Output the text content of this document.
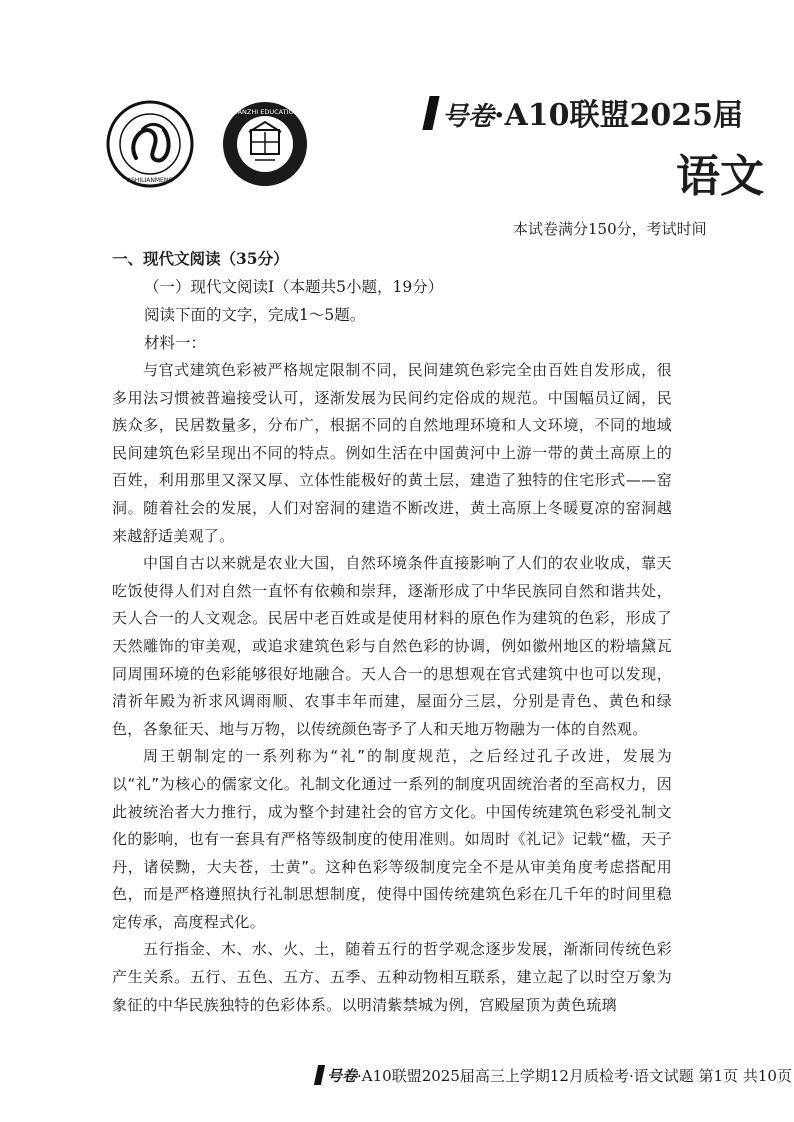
ASHILIANMENG
WANZHI EDUCATION	号卷·A10联盟2025届
语文
本试卷满分150分，考试时间
一、现代文阅读（35分）
（一）现代文阅读Ⅰ（本题共5小题，19分）
阅读下面的文字，完成1～5题。
材料一：

与官式建筑色彩被严格规定限制不同，民间建筑色彩完全由百姓自发形成，很多用法习惯被普遍接受认可，逐渐发展为民间约定俗成的规范。中国幅员辽阔，民族众多，民居数量多，分布广，根据不同的自然地理环境和人文环境，不同的地域民间建筑色彩呈现出不同的特点。例如生活在中国黄河中上游一带的黄土高原上的百姓，利用那里又深又厚、立体性能极好的黄土层，建造了独特的住宅形式——窑洞。随着社会的发展，人们对窑洞的建造不断改进，黄土高原上冬暖夏凉的窑洞越来越舒适美观了。

中国自古以来就是农业大国，自然环境条件直接影响了人们的农业收成，靠天吃饭使得人们对自然一直怀有依赖和崇拜，逐渐形成了中华民族同自然和谐共处，天人合一的人文观念。民居中老百姓或是使用材料的原色作为建筑的色彩，形成了天然雕饰的审美观，或追求建筑色彩与自然色彩的协调，例如徽州地区的粉墙黛瓦同周围环境的色彩能够很好地融合。天人合一的思想观在官式建筑中也可以发现，清祈年殿为祈求风调雨顺、农事丰年而建，屋面分三层，分别是青色、黄色和绿色，各象征天、地与万物，以传统颜色寄予了人和天地万物融为一体的自然观。

周王朝制定的一系列称为“礼”的制度规范，之后经过孔子改进，发展为以“礼”为核心的儒家文化。礼制文化通过一系列的制度巩固统治者的至高权力，因此被统治者大力推行，成为整个封建社会的官方文化。中国传统建筑色彩受礼制文化的影响，也有一套具有严格等级制度的使用准则。如周时《礼记》记载“楹，天子丹，诸侯黝，大夫苍，士黄”。这种色彩等级制度完全不是从审美角度考虑搭配用色，而是严格遵照执行礼制思想制度，使得中国传统建筑色彩在几千年的时间里稳定传承，高度程式化。

五行指金、木、水、火、土，随着五行的哲学观念逐步发展，渐渐同传统色彩产生关系。五行、五色、五方、五季、五种动物相互联系，建立起了以时空万象为象征的中华民族独特的色彩体系。以明清紫禁城为例，宫殿屋顶为黄色琉璃

号卷·A10联盟2025届高三上学期12月质检考·语文试题 第1页 共10页
